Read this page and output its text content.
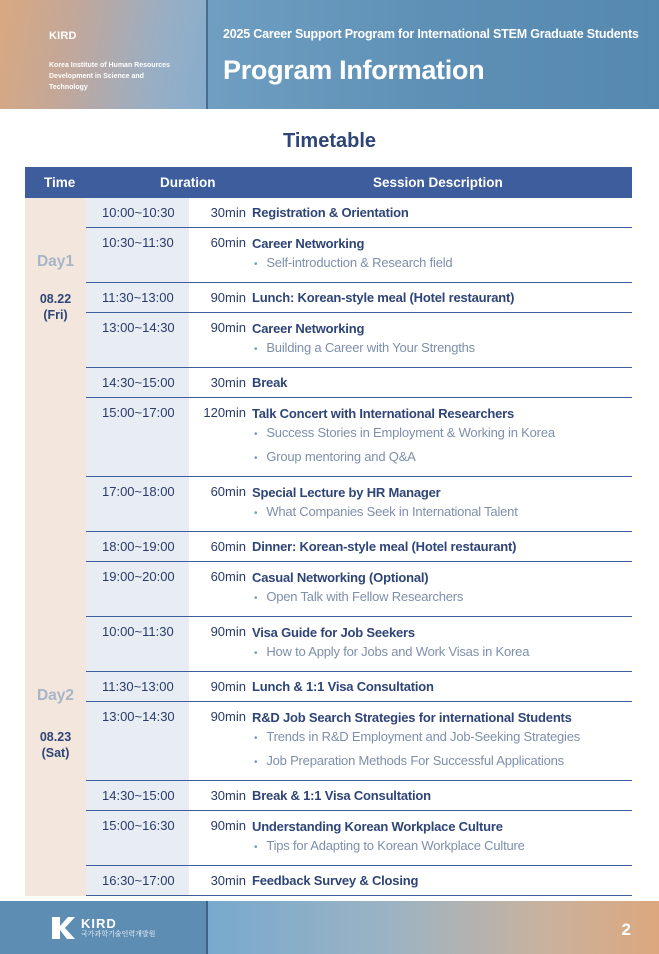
KIRD
Korea Institute of Human Resources Development in Science and Technology
2025 Career Support Program for International STEM Graduate Students
Program Information
Timetable
Time	Duration	Session Description
Day1
08.22
(Fri)
10:00~10:30	30min Registration & Orientation
10:30~11:30	60min Career Networking
• Self-introduction & Research field
11:30~13:00	90min Lunch: Korean-style meal (Hotel restaurant)
13:00~14:30	90min Career Networking
• Building a Career with Your Strengths
14:30~15:00	30min Break
15:00~17:00	120min Talk Concert with International Researchers
• Success Stories in Employment & Working in Korea
• Group mentoring and Q&A
17:00~18:00	60min Special Lecture by HR Manager
• What Companies Seek in International Talent
18:00~19:00	60min Dinner: Korean-style meal (Hotel restaurant)
19:00~20:00	60min Casual Networking (Optional)
• Open Talk with Fellow Researchers
Day2
08.23
(Sat)
10:00~11:30	90min Visa Guide for Job Seekers
• How to Apply for Jobs and Work Visas in Korea
11:30~13:00	90min Lunch & 1:1 Visa Consultation
13:00~14:30	90min R&D Job Search Strategies for international Students
• Trends in R&D Employment and Job-Seeking Strategies
• Job Preparation Methods For Successful Applications
14:30~15:00	30min Break & 1:1 Visa Consultation
15:00~16:30	90min Understanding Korean Workplace Culture
• Tips for Adapting to Korean Workplace Culture
16:30~17:00	30min Feedback Survey & Closing
KIRD
국가과학기술인력개발원	2
